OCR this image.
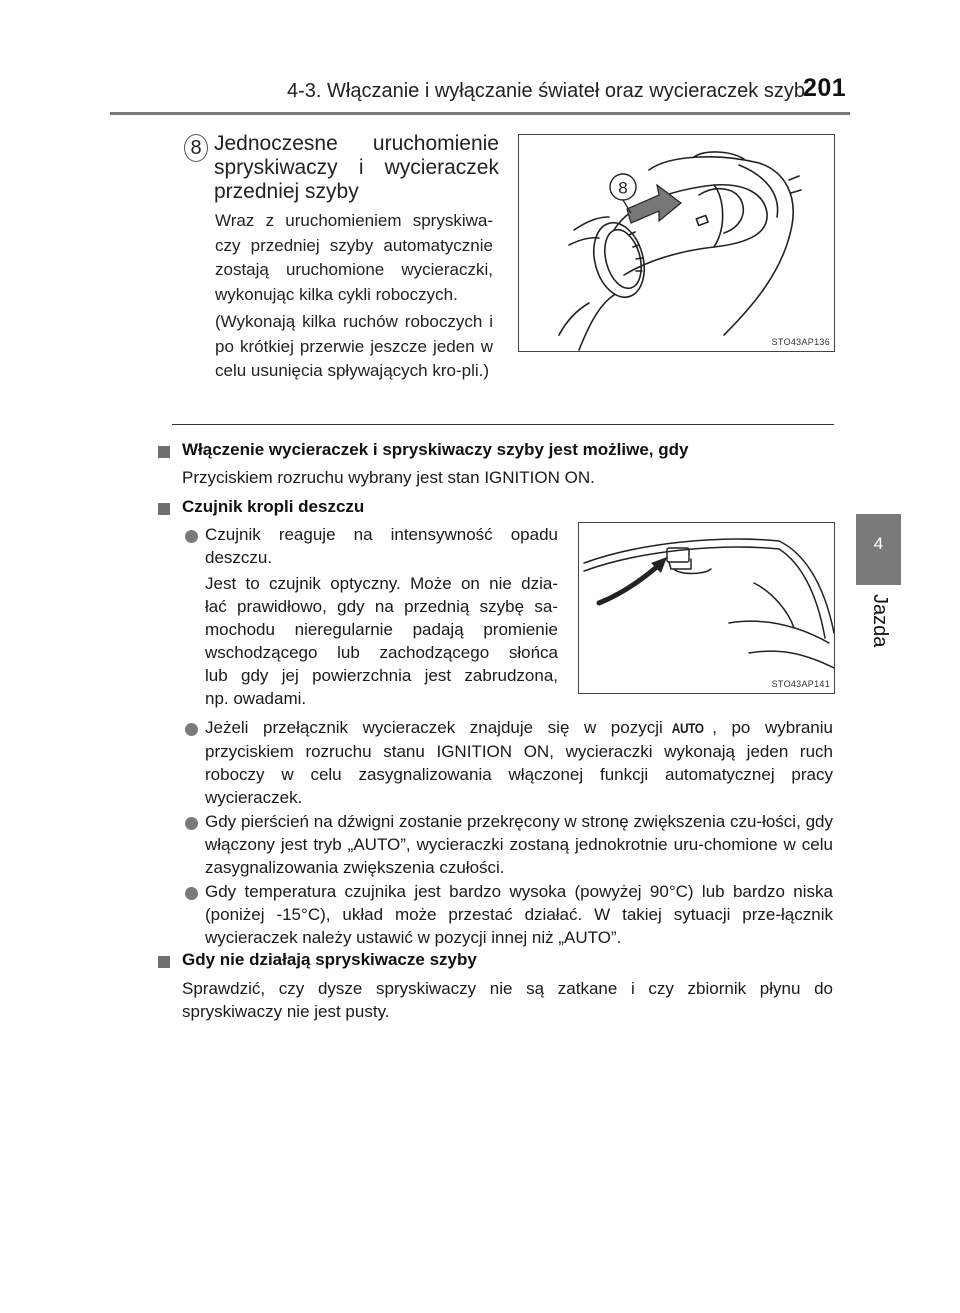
4-3. Włączanie i wyłączanie świateł oraz wycieraczek szyb
201
4
Jazda
8 Jednoczesne uruchomienie
spryskiwaczy i wycieraczek
przedniej szyby
Wraz z uruchomieniem spryskiwa-czy przedniej szyby automatycznie zostają uruchomione wycieraczki, wykonując kilka cykli roboczych.
(Wykonają kilka ruchów roboczych i po krótkiej przerwie jeszcze jeden w celu usunięcia spływających kro-pli.)
8
STO43AP136
Włączenie wycieraczek i spryskiwaczy szyby jest możliwe, gdy
Przyciskiem rozruchu wybrany jest stan IGNITION ON.
Czujnik kropli deszczu
Czujnik reaguje na intensywność opadu
deszczu.
Jest to czujnik optyczny. Może on nie dzia-
łać prawidłowo, gdy na przednią szybę sa-
mochodu nieregularnie padają promienie
wschodzącego lub zachodzącego słońca
lub gdy jej powierzchnia jest zabrudzona,
np. owadami.
STO43AP141
Jeżeli przełącznik wycieraczek znajduje się w pozycji AUTO , po wybraniu przyciskiem rozruchu stanu IGNITION ON, wycieraczki wykonają jeden ruch roboczy w celu zasygnalizowania włączonej funkcji automatycznej pracy wycieraczek.
Gdy pierścień na dźwigni zostanie przekręcony w stronę zwiększenia czu-łości, gdy włączony jest tryb „AUTO”, wycieraczki zostaną jednokrotnie uru-chomione w celu zasygnalizowania zwiększenia czułości.
Gdy temperatura czujnika jest bardzo wysoka (powyżej 90°C) lub bardzo niska (poniżej -15°C), układ może przestać działać. W takiej sytuacji prze-łącznik wycieraczek należy ustawić w pozycji innej niż „AUTO”.
Gdy nie działają spryskiwacze szyby
Sprawdzić, czy dysze spryskiwaczy nie są zatkane i czy zbiornik płynu do spryskiwaczy nie jest pusty.
